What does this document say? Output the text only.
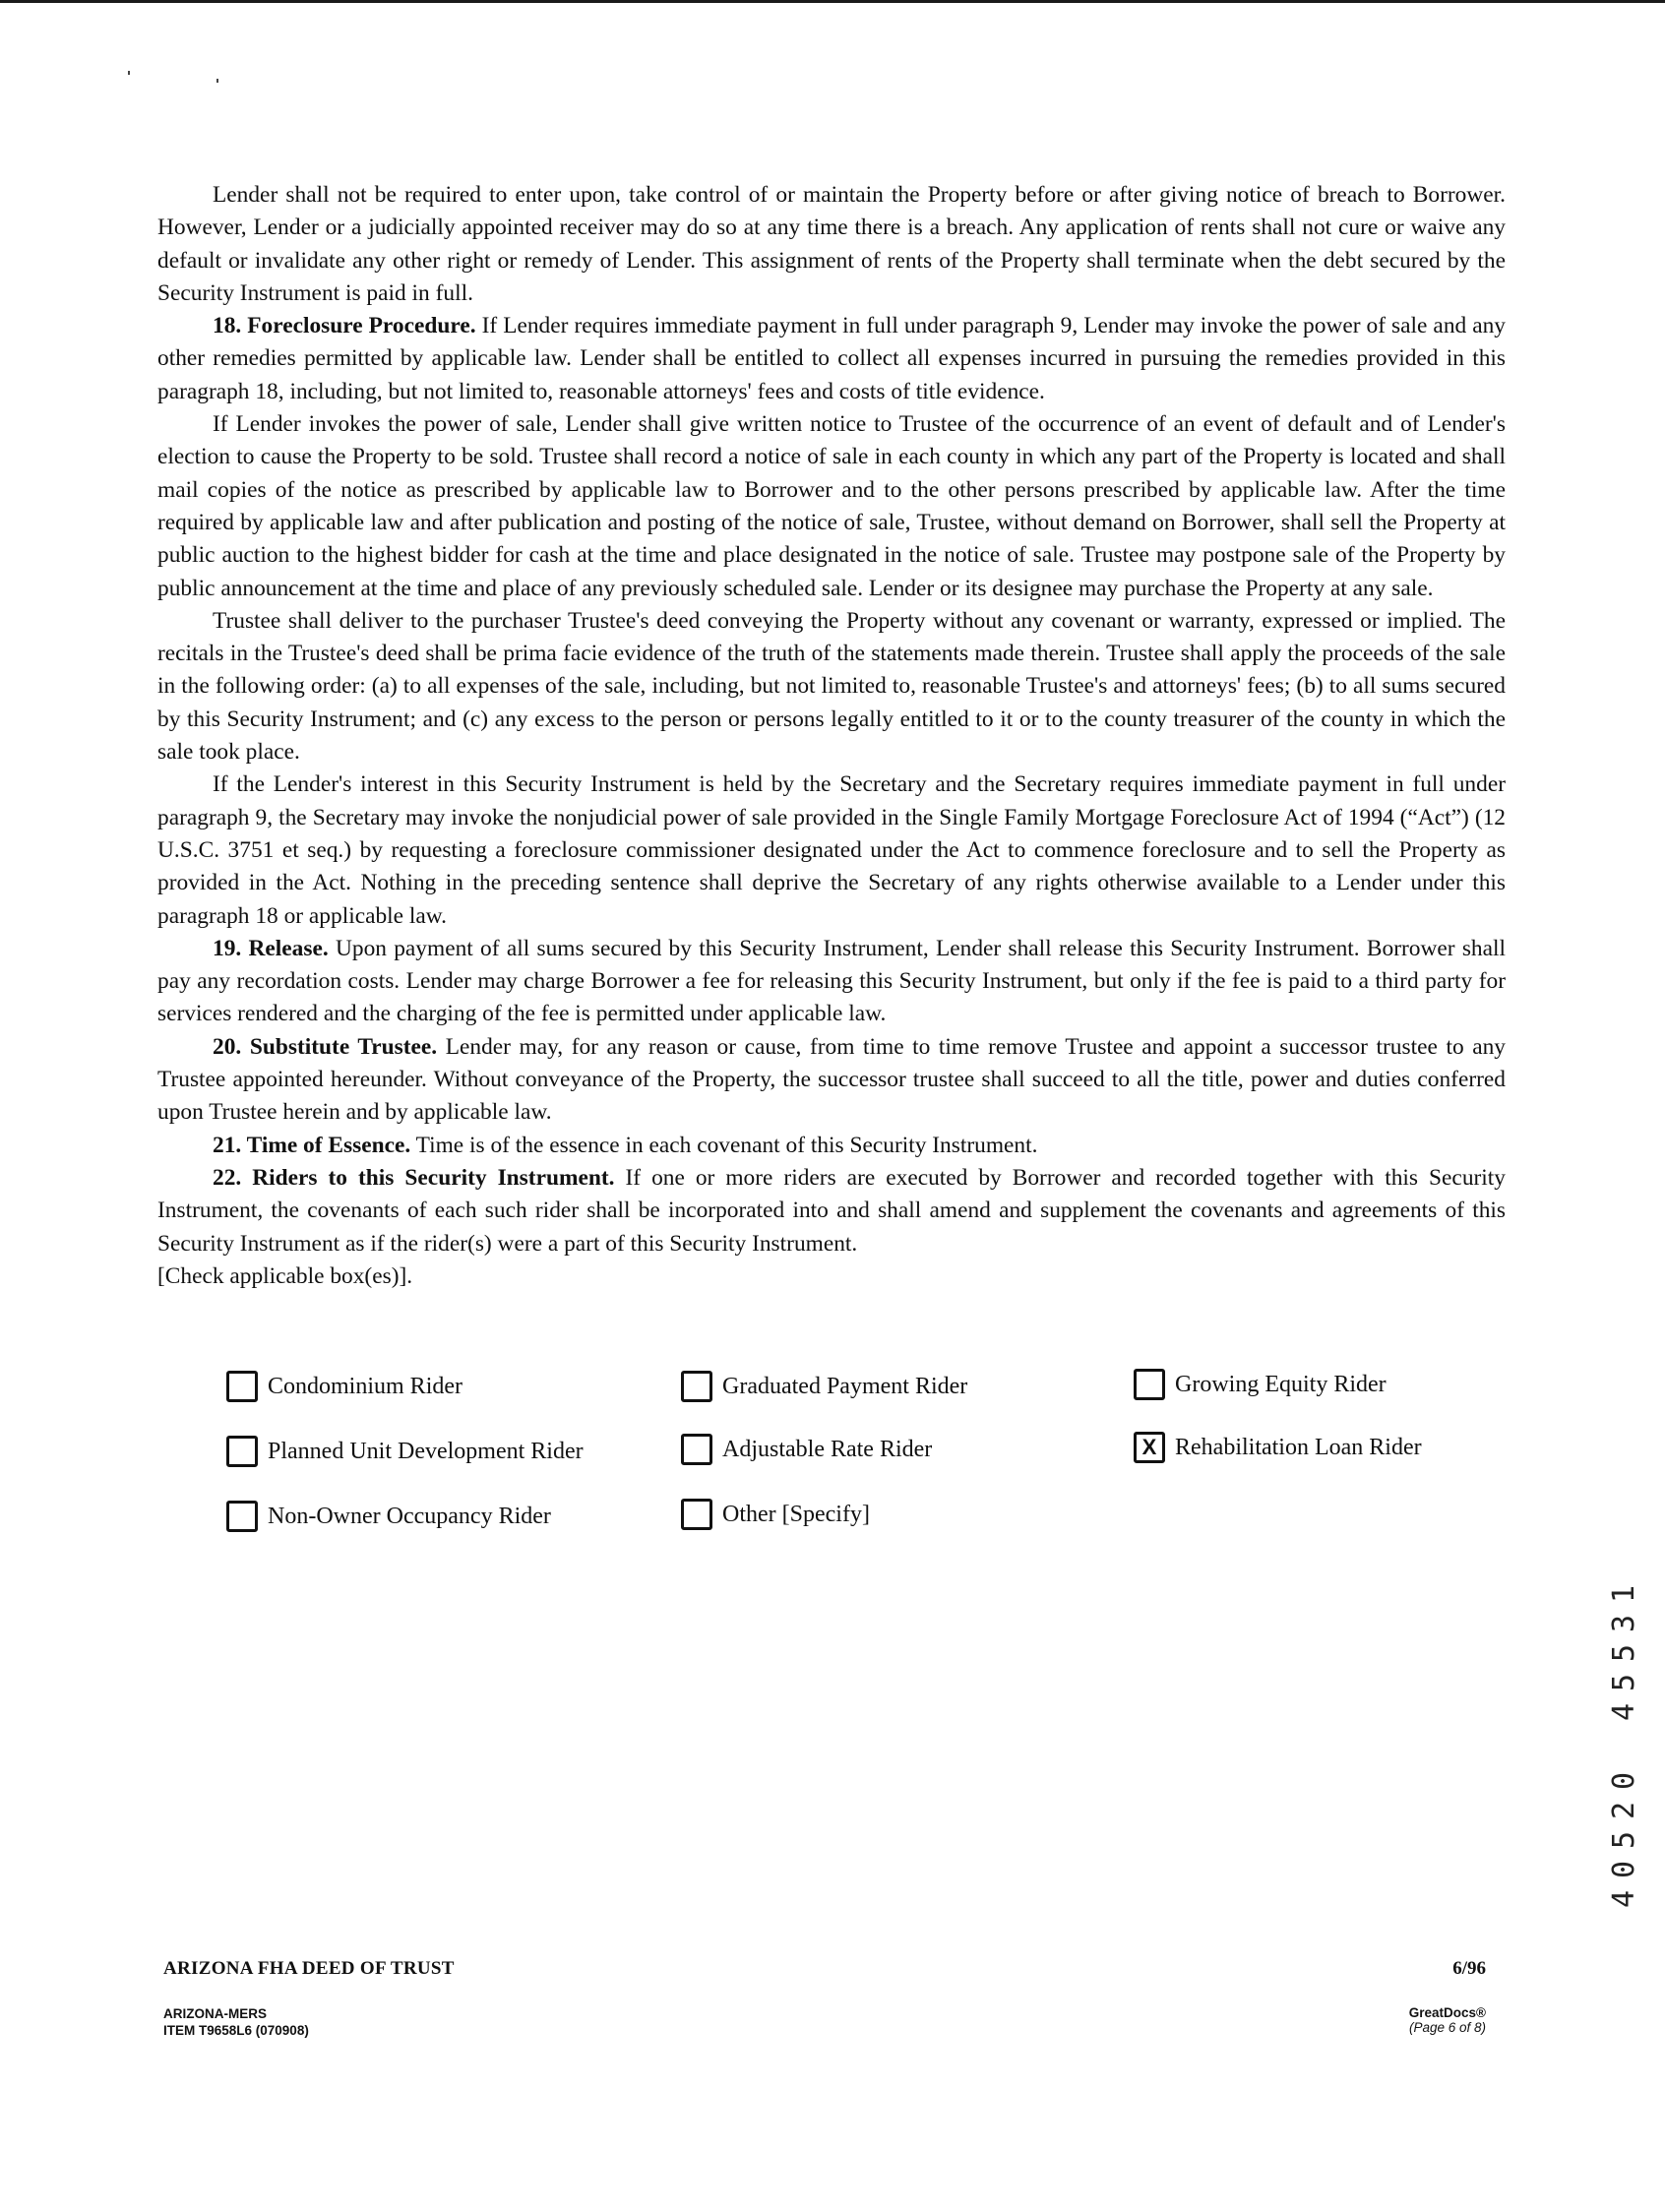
Lender shall not be required to enter upon, take control of or maintain the Property before or after giving notice of breach to Borrower. However, Lender or a judicially appointed receiver may do so at any time there is a breach. Any application of rents shall not cure or waive any default or invalidate any other right or remedy of Lender. This assignment of rents of the Property shall terminate when the debt secured by the Security Instrument is paid in full.

18. Foreclosure Procedure. If Lender requires immediate payment in full under paragraph 9, Lender may invoke the power of sale and any other remedies permitted by applicable law. Lender shall be entitled to collect all expenses incurred in pursuing the remedies provided in this paragraph 18, including, but not limited to, reasonable attorneys' fees and costs of title evidence.

If Lender invokes the power of sale, Lender shall give written notice to Trustee of the occurrence of an event of default and of Lender's election to cause the Property to be sold. Trustee shall record a notice of sale in each county in which any part of the Property is located and shall mail copies of the notice as prescribed by applicable law to Borrower and to the other persons prescribed by applicable law. After the time required by applicable law and after publication and posting of the notice of sale, Trustee, without demand on Borrower, shall sell the Property at public auction to the highest bidder for cash at the time and place designated in the notice of sale. Trustee may postpone sale of the Property by public announcement at the time and place of any previously scheduled sale. Lender or its designee may purchase the Property at any sale.

Trustee shall deliver to the purchaser Trustee's deed conveying the Property without any covenant or warranty, expressed or implied. The recitals in the Trustee's deed shall be prima facie evidence of the truth of the statements made therein. Trustee shall apply the proceeds of the sale in the following order: (a) to all expenses of the sale, including, but not limited to, reasonable Trustee's and attorneys' fees; (b) to all sums secured by this Security Instrument; and (c) any excess to the person or persons legally entitled to it or to the county treasurer of the county in which the sale took place.

If the Lender's interest in this Security Instrument is held by the Secretary and the Secretary requires immediate payment in full under paragraph 9, the Secretary may invoke the nonjudicial power of sale provided in the Single Family Mortgage Foreclosure Act of 1994 (“Act”) (12 U.S.C. 3751 et seq.) by requesting a foreclosure commissioner designated under the Act to commence foreclosure and to sell the Property as provided in the Act. Nothing in the preceding sentence shall deprive the Secretary of any rights otherwise available to a Lender under this paragraph 18 or applicable law.

19. Release. Upon payment of all sums secured by this Security Instrument, Lender shall release this Security Instrument. Borrower shall pay any recordation costs. Lender may charge Borrower a fee for releasing this Security Instrument, but only if the fee is paid to a third party for services rendered and the charging of the fee is permitted under applicable law.

20. Substitute Trustee. Lender may, for any reason or cause, from time to time remove Trustee and appoint a successor trustee to any Trustee appointed hereunder. Without conveyance of the Property, the successor trustee shall succeed to all the title, power and duties conferred upon Trustee herein and by applicable law.

21. Time of Essence. Time is of the essence in each covenant of this Security Instrument.

22. Riders to this Security Instrument. If one or more riders are executed by Borrower and recorded together with this Security Instrument, the covenants of each such rider shall be incorporated into and shall amend and supplement the covenants and agreements of this Security Instrument as if the rider(s) were a part of this Security Instrument.

[Check applicable box(es)].

Condominium Rider	Graduated Payment Rider	Growing Equity Rider
Planned Unit Development Rider	Adjustable Rate Rider	X Rehabilitation Loan Rider
Non-Owner Occupancy Rider	Other [Specify]
1
3
5
5
4
0
2
5
0
4
ARIZONA FHA DEED OF TRUST
ARIZONA-MERS
ITEM T9658L6 (070908)
6/96
GreatDocs®
(Page 6 of 8)
